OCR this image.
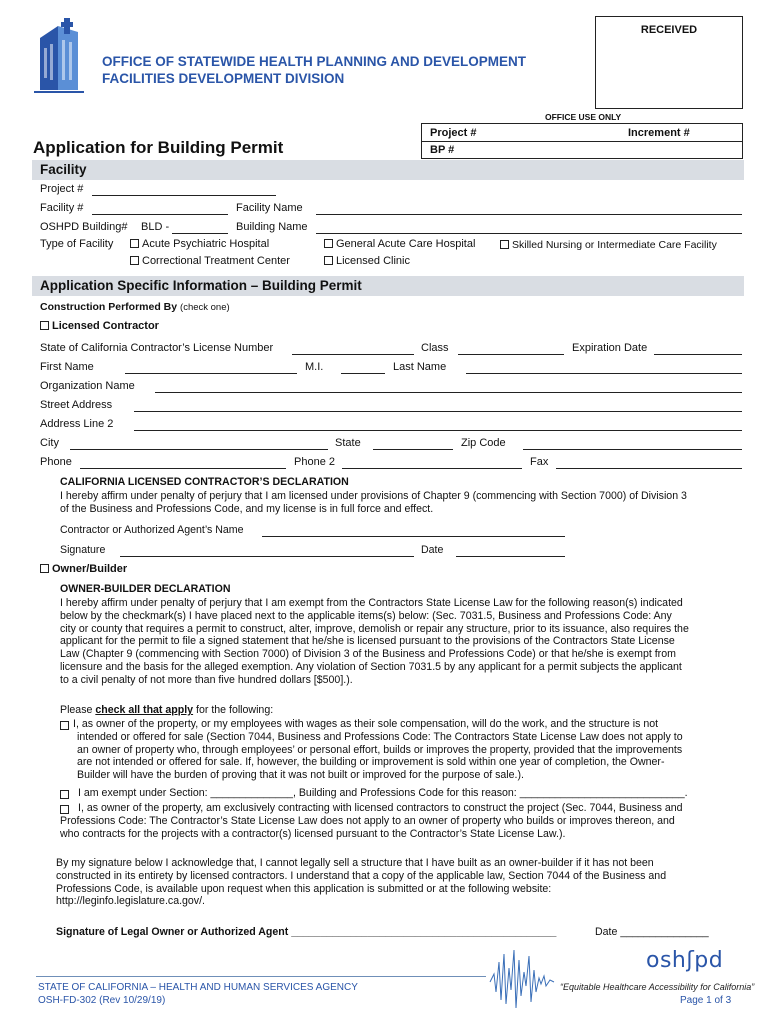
OFFICE OF STATEWIDE HEALTH PLANNING AND DEVELOPMENT
FACILITIES DEVELOPMENT DIVISION
RECEIVED
OFFICE USE ONLY
Project #	Increment #
BP #
Application for Building Permit
Facility
Project #
Facility #	Facility Name
OSHPD Building# BLD -	Building Name
Type of Facility	Acute Psychiatric Hospital
Correctional Treatment Center
General Acute Care Hospital
Licensed Clinic
Skilled Nursing or Intermediate Care Facility
Application Specific Information – Building Permit
Construction Performed By (check one)
Licensed Contractor
State of California Contractor’s License Number	Class	Expiration Date
First Name	M.I.	Last Name
Organization Name
Street Address
Address Line 2
City	State	Zip Code
Phone	Phone 2	Fax
CALIFORNIA LICENSED CONTRACTOR’S DECLARATION
I hereby affirm under penalty of perjury that I am licensed under provisions of Chapter 9 (commencing with Section 7000) of Division 3
of the Business and Professions Code, and my license is in full force and effect.
Contractor or Authorized Agent’s Name
Signature	Date
Owner/Builder
OWNER-BUILDER DECLARATION
I hereby affirm under penalty of perjury that I am exempt from the Contractors State License Law for the following reason(s) indicated
below by the checkmark(s) I have placed next to the applicable items(s) below: (Sec. 7031.5, Business and Professions Code: Any
city or county that requires a permit to construct, alter, improve, demolish or repair any structure, prior to its issuance, also requires the
applicant for the permit to file a signed statement that he/she is licensed pursuant to the provisions of the Contractors State License
Law (Chapter 9 (commencing with Section 7000) of Division 3 of the Business and Professions Code) or that he/she is exempt from
licensure and the basis for the alleged exemption. Any violation of Section 7031.5 by any applicant for a permit subjects the applicant
to a civil penalty of not more than five hundred dollars [$500].).
Please check all that apply for the following:
I, as owner of the property, or my employees with wages as their sole compensation, will do the work, and the structure is not
intended or offered for sale (Section 7044, Business and Professions Code: The Contractors State License Law does not apply to
an owner of property who, through employees’ or personal effort, builds or improves the property, provided that the improvements
are not intended or offered for sale. If, however, the building or improvement is sold within one year of completion, the Owner-
Builder will have the burden of proving that it was not built or improved for the purpose of sale.).
I am exempt under Section: ______________, Building and Professions Code for this reason: ____________________________.
I, as owner of the property, am exclusively contracting with licensed contractors to construct the project (Sec. 7044, Business and
Professions Code: The Contractor’s State License Law does not apply to an owner of property who builds or improves thereon, and
who contracts for the projects with a contractor(s) licensed pursuant to the Contractor’s State License Law.).
By my signature below I acknowledge that, I cannot legally sell a structure that I have built as an owner-builder if it has not been
constructed in its entirety by licensed contractors. I understand that a copy of the applicable law, Section 7044 of the Business and
Professions Code, is available upon request when this application is submitted or at the following website:
http://leginfo.legislature.ca.gov/.
Signature of Legal Owner or Authorized Agent _____________________________________________	Date _______________
STATE OF CALIFORNIA – HEALTH AND HUMAN SERVICES AGENCY
OSH-FD-302 (Rev 10/29/19)
oshʃpd
“Equitable Healthcare Accessibility for California”
Page 1 of 3
